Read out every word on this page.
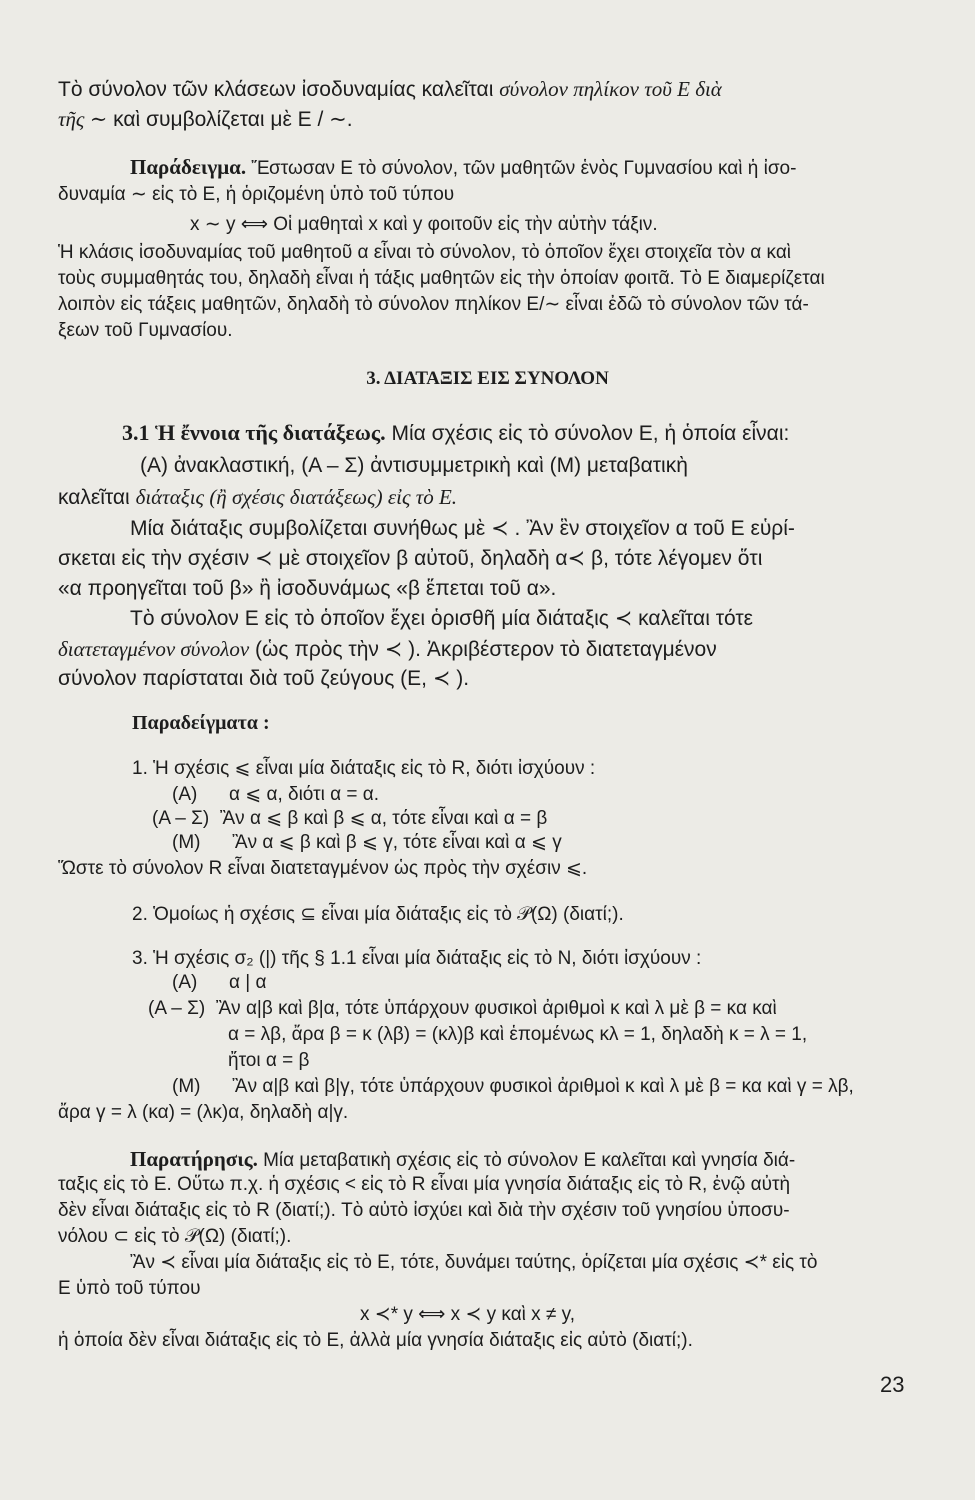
Τὸ σύνολον τῶν κλάσεων ἰσοδυναμίας καλεῖται σύνολον πηλίκον τοῦ Ε διὰ
τῆς ∼ καὶ συμβολίζεται μὲ Ε / ∼.
Παράδειγμα. Ἔστωσαν Ε τὸ σύνολον, τῶν μαθητῶν ἑνὸς Γυμνασίου καὶ ἡ ἰσο-
δυναμία ∼ εἰς τὸ Ε, ἡ ὁριζομένη ὑπὸ τοῦ τύπου
x ∼ y ⟺ Οἱ μαθηταὶ x καὶ y φοιτοῦν εἰς τὴν αὐτὴν τάξιν.
Ἡ κλάσις ἰσοδυναμίας τοῦ μαθητοῦ α εἶναι τὸ σύνολον, τὸ ὁποῖον ἔχει στοιχεῖα τὸν α καὶ
τοὺς συμμαθητάς του, δηλαδὴ εἶναι ἡ τάξις μαθητῶν εἰς τὴν ὁποίαν φοιτᾶ. Τὸ Ε διαμερίζεται
λοιπὸν εἰς τάξεις μαθητῶν, δηλαδὴ τὸ σύνολον πηλίκον Ε/∼ εἶναι ἐδῶ τὸ σύνολον τῶν τά-
ξεων τοῦ Γυμνασίου.
3. ΔΙΑΤΑΞΙΣ ΕΙΣ ΣΥΝΟΛΟΝ
3.1 Ἡ ἔννοια τῆς διατάξεως. Μία σχέσις εἰς τὸ σύνολον Ε, ἡ ὁποία εἶναι:
(Α) ἀνακλαστική, (Α – Σ) ἀντισυμμετρικὴ καὶ (Μ) μεταβατικὴ
καλεῖται διάταξις (ἢ σχέσις διατάξεως) εἰς τὸ Ε.
Μία διάταξις συμβολίζεται συνήθως μὲ ≺ . Ἂν ἓν στοιχεῖον α τοῦ Ε εὑρί-
σκεται εἰς τὴν σχέσιν ≺ μὲ στοιχεῖον β αὐτοῦ, δηλαδὴ α≺ β, τότε λέγομεν ὅτι
«α προηγεῖται τοῦ β» ἢ ἰσοδυνάμως «β ἕπεται τοῦ α».
Τὸ σύνολον Ε εἰς τὸ ὁποῖον ἔχει ὁρισθῆ μία διάταξις ≺ καλεῖται τότε
διατεταγμένον σύνολον (ὡς πρὸς τὴν ≺ ). Ἀκριβέστερον τὸ διατεταγμένον
σύνολον παρίσταται διὰ τοῦ ζεύγους (Ε, ≺ ).
Παραδείγματα :
1. Ἡ σχέσις ⩽ εἶναι μία διάταξις εἰς τὸ R, διότι ἰσχύουν :
(Α)      α ⩽ α, διότι α = α.
(Α – Σ)  Ἂν α ⩽ β καὶ β ⩽ α, τότε εἶναι καὶ α = β
(Μ)      Ἂν α ⩽ β καὶ β ⩽ γ, τότε εἶναι καὶ α ⩽ γ
Ὥστε τὸ σύνολον R εἶναι διατεταγμένον ὡς πρὸς τὴν σχέσιν ⩽.
2. Ὁμοίως ἡ σχέσις ⊆ εἶναι μία διάταξις εἰς τὸ 𝒫(Ω) (διατί;).
3. Ἡ σχέσις σ₂ (|) τῆς § 1.1 εἶναι μία διάταξις εἰς τὸ N, διότι ἰσχύουν :
(Α)      α | α
(Α – Σ)  Ἂν α|β καὶ β|α, τότε ὑπάρχουν φυσικοὶ ἀριθμοὶ κ καὶ λ μὲ β = κα καὶ
α = λβ, ἄρα β = κ (λβ) = (κλ)β καὶ ἑπομένως κλ = 1, δηλαδὴ κ = λ = 1,
ἤτοι α = β
(Μ)      Ἂν α|β καὶ β|γ, τότε ὑπάρχουν φυσικοὶ ἀριθμοὶ κ καὶ λ μὲ β = κα καὶ γ = λβ,
ἄρα γ = λ (κα) = (λκ)α, δηλαδὴ α|γ.
Παρατήρησις. Μία μεταβατικὴ σχέσις εἰς τὸ σύνολον Ε καλεῖται καὶ γνησία διά-
ταξις εἰς τὸ Ε. Οὕτω π.χ. ἡ σχέσις < εἰς τὸ R εἶναι μία γνησία διάταξις εἰς τὸ R, ἐνῷ αὐτὴ
δὲν εἶναι διάταξις εἰς τὸ R (διατί;). Τὸ αὐτὸ ἰσχύει καὶ διὰ τὴν σχέσιν τοῦ γνησίου ὑποσυ-
νόλου ⊂ εἰς τὸ 𝒫(Ω) (διατί;).
Ἂν ≺ εἶναι μία διάταξις εἰς τὸ Ε, τότε, δυνάμει ταύτης, ὁρίζεται μία σχέσις ≺* εἰς τὸ
Ε ὑπὸ τοῦ τύπου
x ≺* y ⟺ x ≺ y καὶ x ≠ y,
ἡ ὁποία δὲν εἶναι διάταξις εἰς τὸ Ε, ἀλλὰ μία γνησία διάταξις εἰς αὐτὸ (διατί;).
23
